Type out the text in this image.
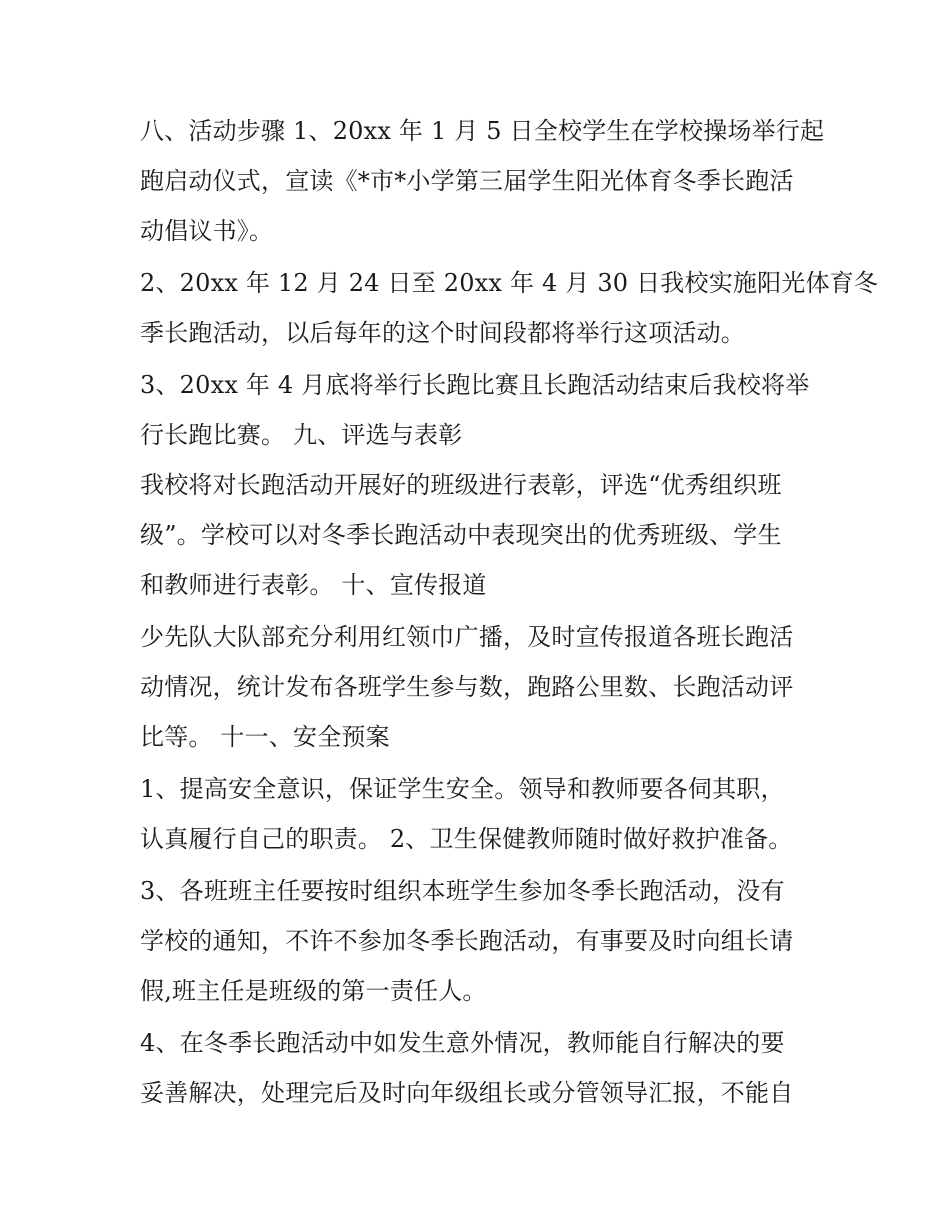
八、活动步骤 1、20xx 年 1 月 5 日全校学生在学校操场举行起
跑启动仪式，宣读《*市*小学第三届学生阳光体育冬季长跑活
动倡议书》。
2、20xx 年 12 月 24 日至 20xx 年 4 月 30 日我校实施阳光体育冬
季长跑活动，以后每年的这个时间段都将举行这项活动。
3、20xx 年 4 月底将举行长跑比赛且长跑活动结束后我校将举
行长跑比赛。 九、评选与表彰
我校将对长跑活动开展好的班级进行表彰，评选“优秀组织班
级”。学校可以对冬季长跑活动中表现突出的优秀班级、学生
和教师进行表彰。 十、宣传报道
少先队大队部充分利用红领巾广播，及时宣传报道各班长跑活
动情况，统计发布各班学生参与数，跑路公里数、长跑活动评
比等。 十一、安全预案
1、提高安全意识，保证学生安全。领导和教师要各伺其职，
认真履行自己的职责。 2、卫生保健教师随时做好救护准备。
3、各班班主任要按时组织本班学生参加冬季长跑活动，没有
学校的通知，不许不参加冬季长跑活动，有事要及时向组长请
假,班主任是班级的第一责任人。
4、在冬季长跑活动中如发生意外情况，教师能自行解决的要
妥善解决，处理完后及时向年级组长或分管领导汇报，不能自
